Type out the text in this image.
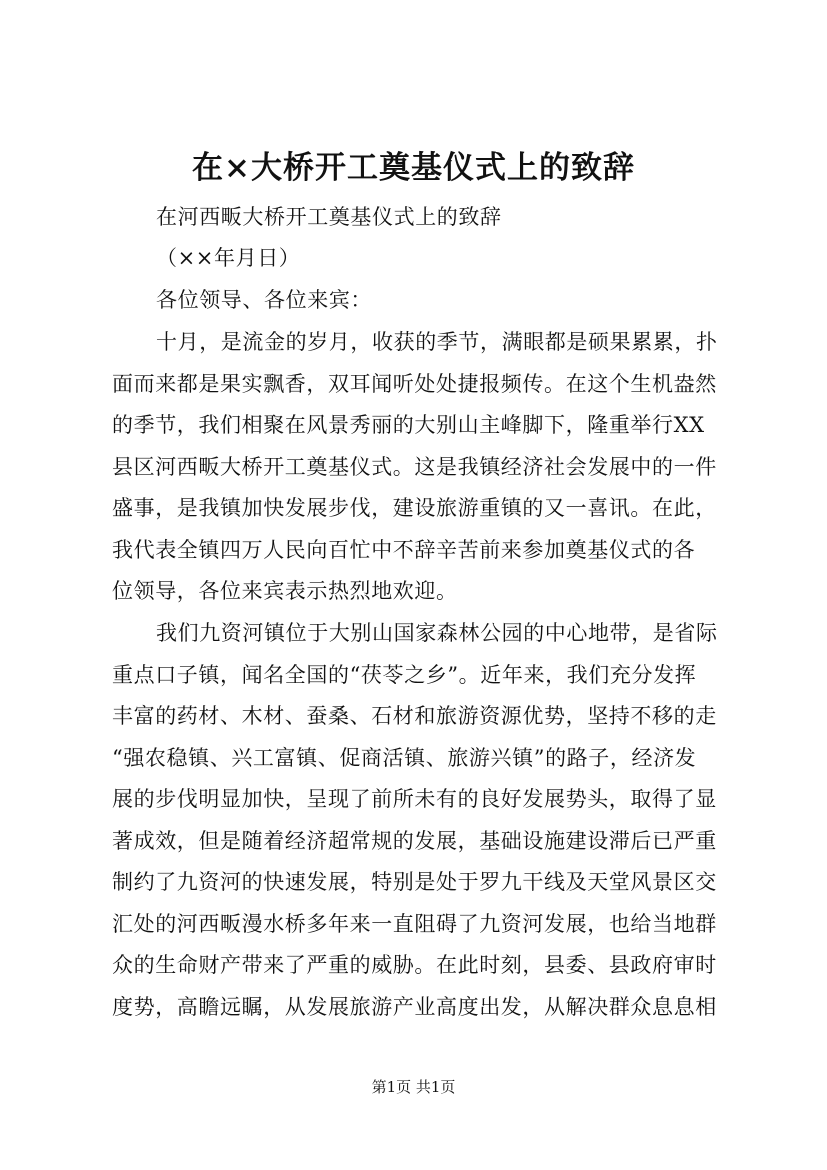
在×大桥开工奠基仪式上的致辞
在河西畈大桥开工奠基仪式上的致辞
（××年月日）
各位领导、各位来宾：
十月，是流金的岁月，收获的季节，满眼都是硕果累累，扑
面而来都是果实飘香，双耳闻听处处捷报频传。在这个生机盎然
的季节，我们相聚在风景秀丽的大别山主峰脚下，隆重举行XX
县区河西畈大桥开工奠基仪式。这是我镇经济社会发展中的一件
盛事，是我镇加快发展步伐，建设旅游重镇的又一喜讯。在此，
我代表全镇四万人民向百忙中不辞辛苦前来参加奠基仪式的各
位领导，各位来宾表示热烈地欢迎。
我们九资河镇位于大别山国家森林公园的中心地带，是省际
重点口子镇，闻名全国的“茯苓之乡”。近年来，我们充分发挥
丰富的药材、木材、蚕桑、石材和旅游资源优势，坚持不移的走
“强农稳镇、兴工富镇、促商活镇、旅游兴镇”的路子，经济发
展的步伐明显加快，呈现了前所未有的良好发展势头，取得了显
著成效，但是随着经济超常规的发展，基础设施建设滞后已严重
制约了九资河的快速发展，特别是处于罗九干线及天堂风景区交
汇处的河西畈漫水桥多年来一直阻碍了九资河发展，也给当地群
众的生命财产带来了严重的威胁。在此时刻，县委、县政府审时
度势，高瞻远瞩，从发展旅游产业高度出发，从解决群众息息相
第1页 共1页
